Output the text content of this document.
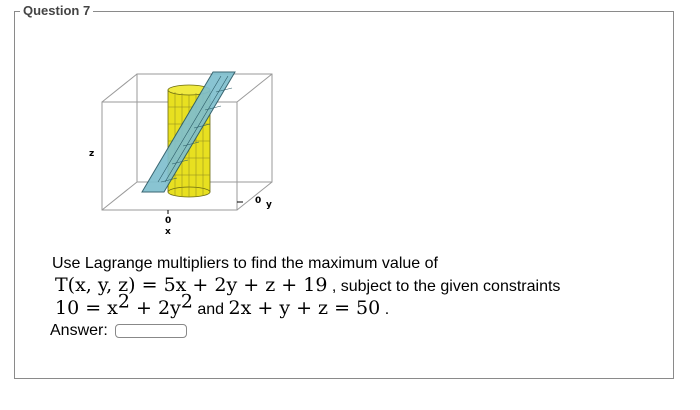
Question 7
z
y
0
0
x
Use Lagrange multipliers to find the maximum value of
T(x, y, z) = 5x + 2y + z + 19 , subject to the given constraints
$10 = x^2 + 2y^2$ and 2x + y + z = 50 .
Answer:
